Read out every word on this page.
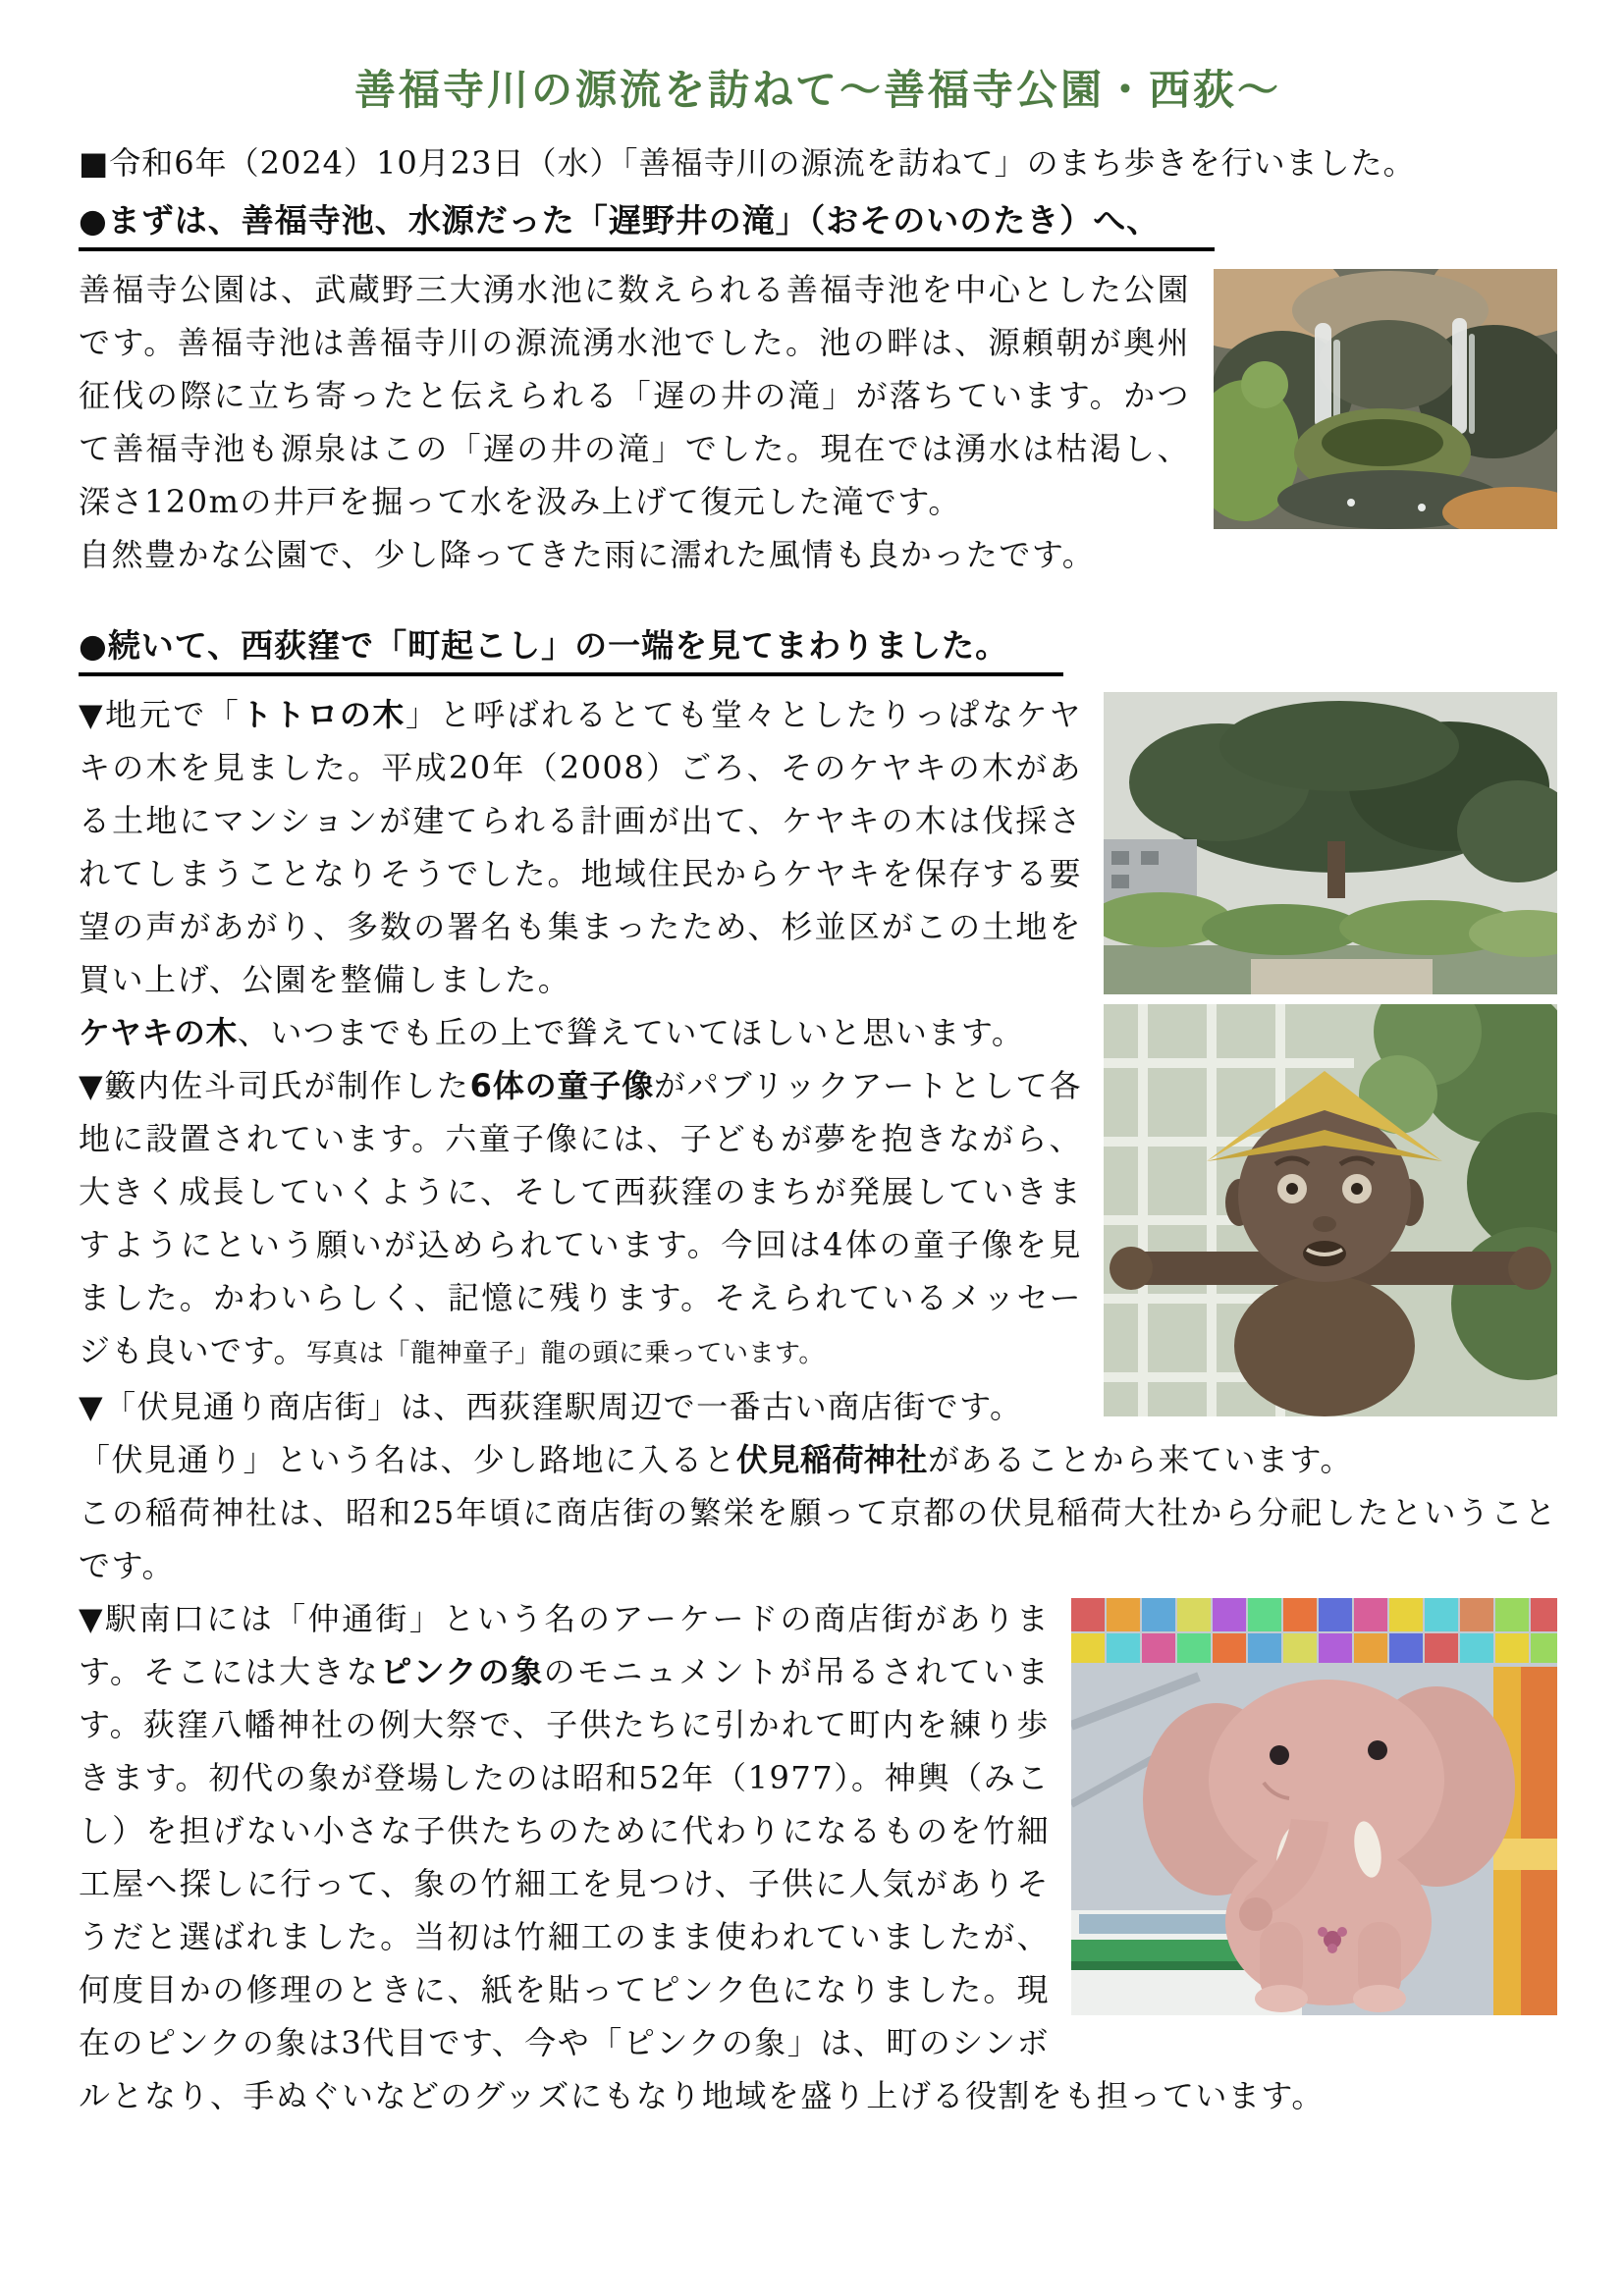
善福寺川の源流を訪ねて～善福寺公園・西荻～

■令和6年（2024）10月23日（水）「善福寺川の源流を訪ねて」のまち歩きを行いました。

●まずは、善福寺池、水源だった「遅野井の滝」（おそのいのたき）へ、

善福寺公園は、武蔵野三大湧水池に数えられる善福寺池を中心とした公園です。善福寺池は善福寺川の源流湧水池でした。池の畔は、源頼朝が奥州征伐の際に立ち寄ったと伝えられる「遅の井の滝」が落ちています。かつて善福寺池も源泉はこの「遅の井の滝」でした。現在では湧水は枯渇し、深さ120mの井戸を掘って水を汲み上げて復元した滝です。

自然豊かな公園で、少し降ってきた雨に濡れた風情も良かったです。

●続いて、西荻窪で「町起こし」の一端を見てまわりました。

▼地元で「トトロの木」と呼ばれるとても堂々としたりっぱなケヤキの木を見ました。平成20年（2008）ごろ、そのケヤキの木がある土地にマンションが建てられる計画が出て、ケヤキの木は伐採されてしまうことなりそうでした。地域住民からケヤキを保存する要望の声があがり、多数の署名も集まったため、杉並区がこの土地を買い上げ、公園を整備しました。

ケヤキの木、いつまでも丘の上で聳えていてほしいと思います。

▼籔内佐斗司氏が制作した6体の童子像がパブリックアートとして各地に設置されています。六童子像には、子どもが夢を抱きながら、大きく成長していくように、そして西荻窪のまちが発展していきますようにという願いが込められています。今回は4体の童子像を見ました。かわいらしく、記憶に残ります。そえられているメッセージも良いです。写真は「龍神童子」龍の頭に乗っています。

▼「伏見通り商店街」は、西荻窪駅周辺で一番古い商店街です。

「伏見通り」という名は、少し路地に入ると伏見稲荷神社があることから来ています。

この稲荷神社は、昭和25年頃に商店街の繁栄を願って京都の伏見稲荷大社から分祀したということです。

▼駅南口には「仲通街」という名のアーケードの商店街があります。そこには大きなピンクの象のモニュメントが吊るされています。荻窪八幡神社の例大祭で、子供たちに引かれて町内を練り歩きます。初代の象が登場したのは昭和52年（1977）。神輿（みこし）を担げない小さな子供たちのために代わりになるものを竹細工屋へ探しに行って、象の竹細工を見つけ、子供に人気がありそうだと選ばれました。当初は竹細工のまま使われていましたが、何度目かの修理のときに、紙を貼ってピンク色になりました。現在のピンクの象は3代目です、今や「ピンクの象」は、町のシンボルとなり、手ぬぐいなどのグッズにもなり地域を盛り上げる役割をも担っています。
